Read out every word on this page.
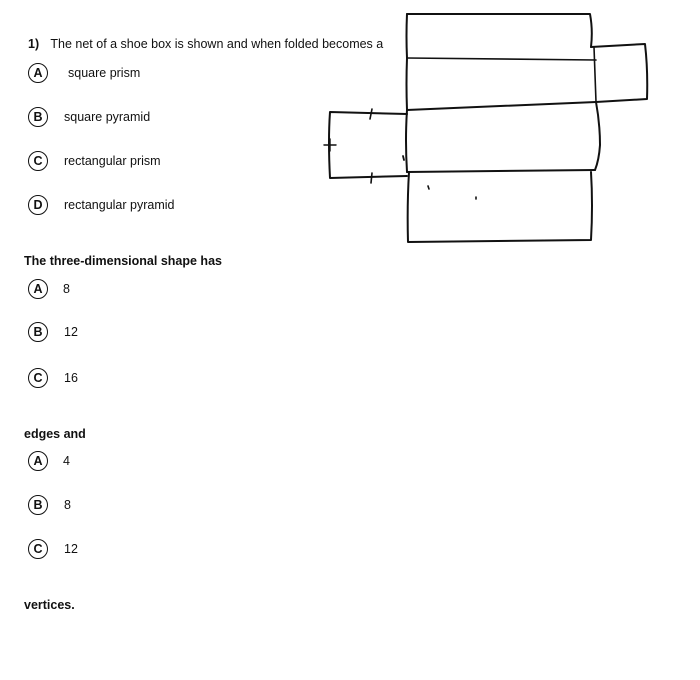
1) The net of a shoe box is shown and when folded becomes a
A	square prism
B	square pyramid
C	rectangular prism
D	rectangular pyramid
The three-dimensional shape has
A	8
B	12
C	16
edges and
A	4
B	8
C	12
vertices.
